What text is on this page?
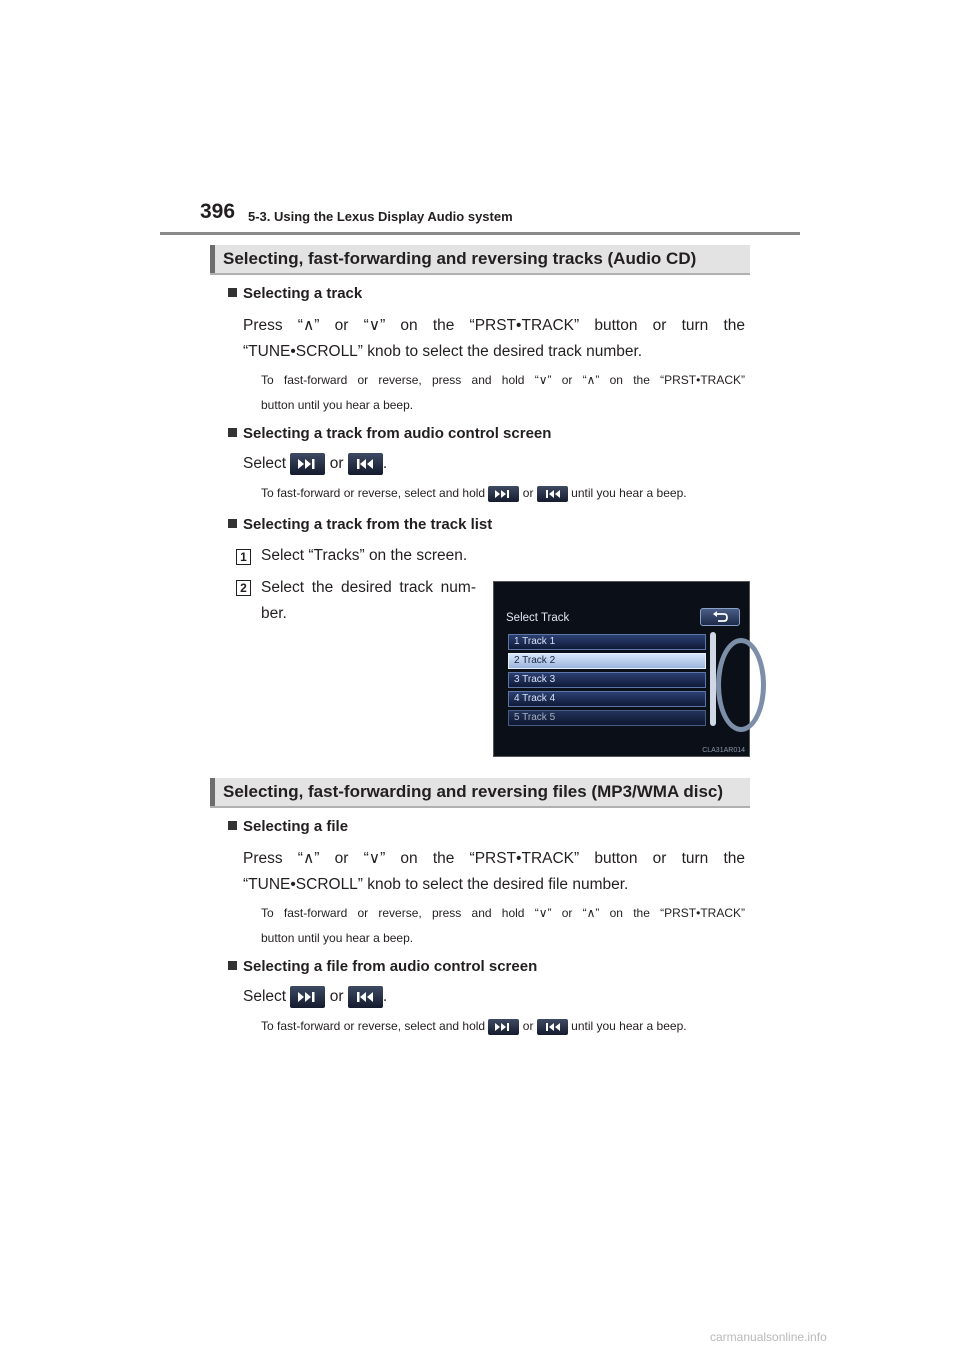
396 5-3. Using the Lexus Display Audio system
Selecting, fast-forwarding and reversing tracks (Audio CD)
Selecting a track
Press “∧” or “∨” on the “PRST•TRACK” button or turn the
“TUNE•SCROLL” knob to select the desired track number.
To fast-forward or reverse, press and hold “∨” or “∧” on the “PRST•TRACK”
button until you hear a beep.
Selecting a track from audio control screen
Select	or	.
To fast-forward or reverse, select and hold	or	until you hear a beep.
Selecting a track from the track list
1 Select “Tracks” on the screen.
2 Select the desired track num-
ber.	Select Track
1 Track 1
2 Track 2
3 Track 3
4 Track 4
5 Track 5
CLA31AR014
Selecting, fast-forwarding and reversing files (MP3/WMA disc)
Selecting a file
Press “∧” or “∨” on the “PRST•TRACK” button or turn the
“TUNE•SCROLL” knob to select the desired file number.
To fast-forward or reverse, press and hold “∨” or “∧” on the “PRST•TRACK”
button until you hear a beep.
Selecting a file from audio control screen
Select	or	.
To fast-forward or reverse, select and hold	or	until you hear a beep.
carmanualsonline.info
